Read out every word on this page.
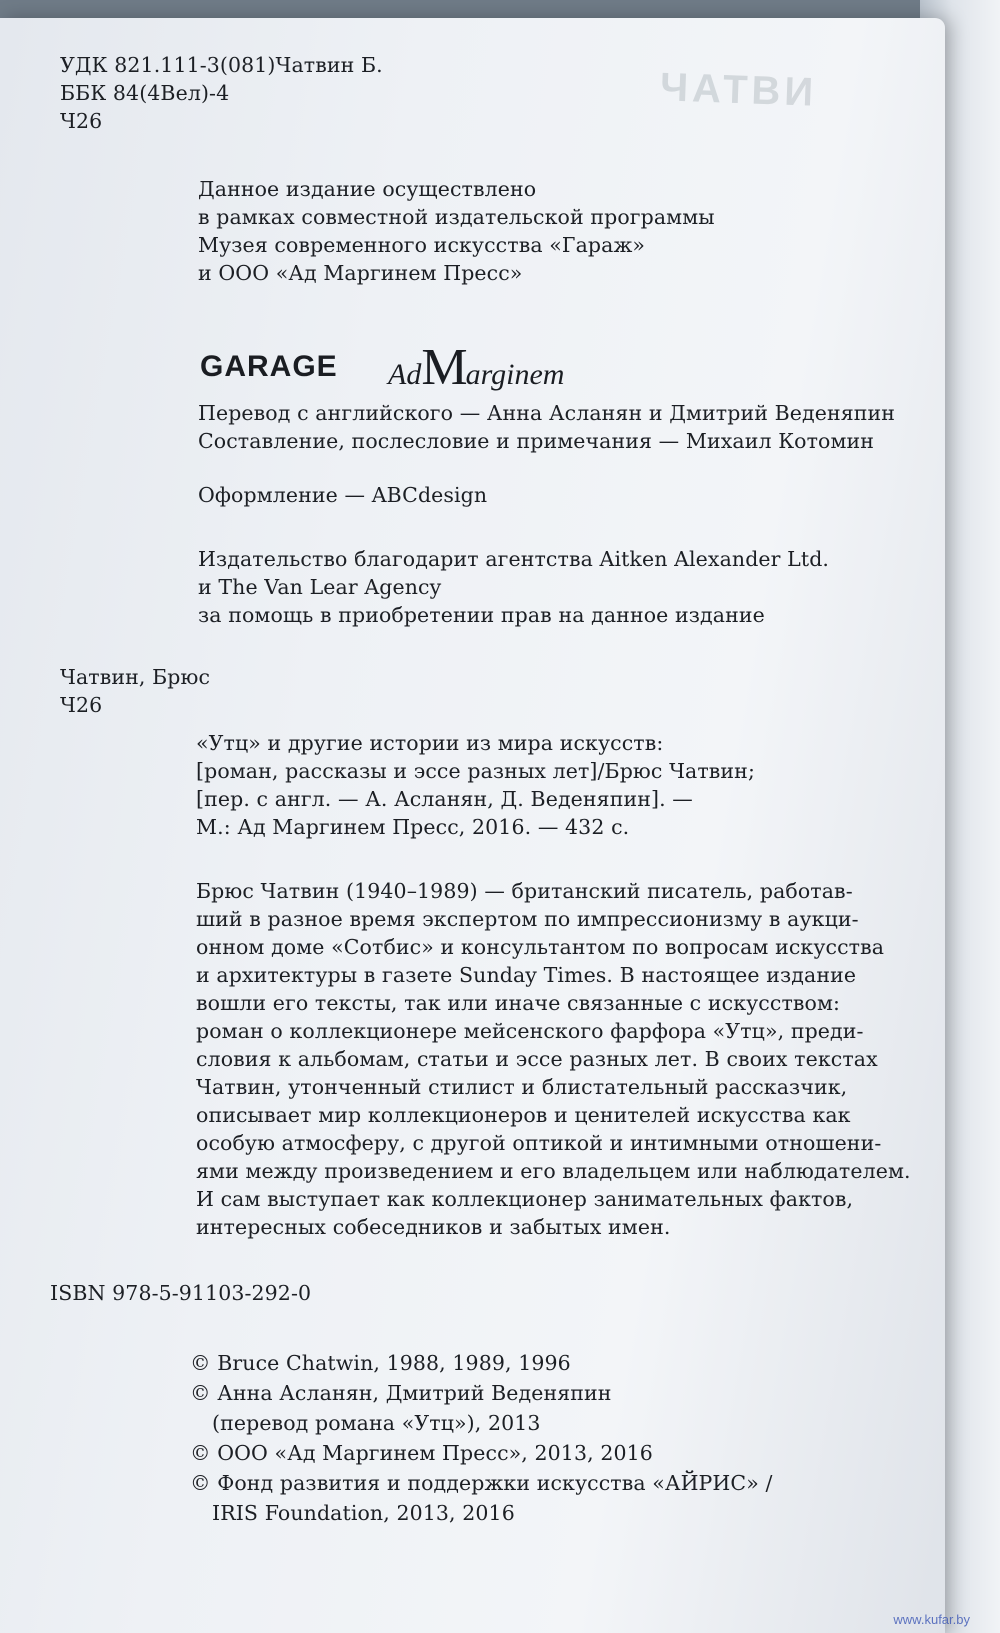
ЧАТВИ
УДК 821.111-3(081)Чатвин Б.
ББК 84(4Вел)-4
Ч26
Данное издание осуществлено
в рамках совместной издательской программы
Музея современного искусства «Гараж»
и ООО «Ад Маргинем Пресс»
GARAGE AdMarginem
Перевод с английского — Анна Асланян и Дмитрий Веденяпин
Составление, послесловие и примечания — Михаил Котомин
Оформление — ABCdesign
Издательство благодарит агентства Aitken Alexander Ltd.
и The Van Lear Agency
за помощь в приобретении прав на данное издание
Чатвин, Брюс
Ч26
«Утц» и другие истории из мира искусств:
[роман, рассказы и эссе разных лет]/Брюс Чатвин;
[пер. с англ. — А. Асланян, Д. Веденяпин]. —
М.: Ад Маргинем Пресс, 2016. — 432 с.
Брюс Чатвин (1940–1989) — британский писатель, работав-
ший в разное время экспертом по импрессионизму в аукци-
онном доме «Сотбис» и консультантом по вопросам искусства
и архитектуры в газете Sunday Times. В настоящее издание
вошли его тексты, так или иначе связанные с искусством:
роман о коллекционере мейсенского фарфора «Утц», преди-
словия к альбомам, статьи и эссе разных лет. В своих текстах
Чатвин, утонченный стилист и блистательный рассказчик,
описывает мир коллекционеров и ценителей искусства как
особую атмосферу, с другой оптикой и интимными отношени-
ями между произведением и его владельцем или наблюдателем.
И сам выступает как коллекционер занимательных фактов,
интересных собеседников и забытых имен.
ISBN 978-5-91103-292-0
© Bruce Chatwin, 1988, 1989, 1996
© Анна Асланян, Дмитрий Веденяпин
(перевод романа «Утц»), 2013
© ООО «Ад Маргинем Пресс», 2013, 2016
© Фонд развития и поддержки искусства «АЙРИС» /
IRIS Foundation, 2013, 2016
www.kufar.by
